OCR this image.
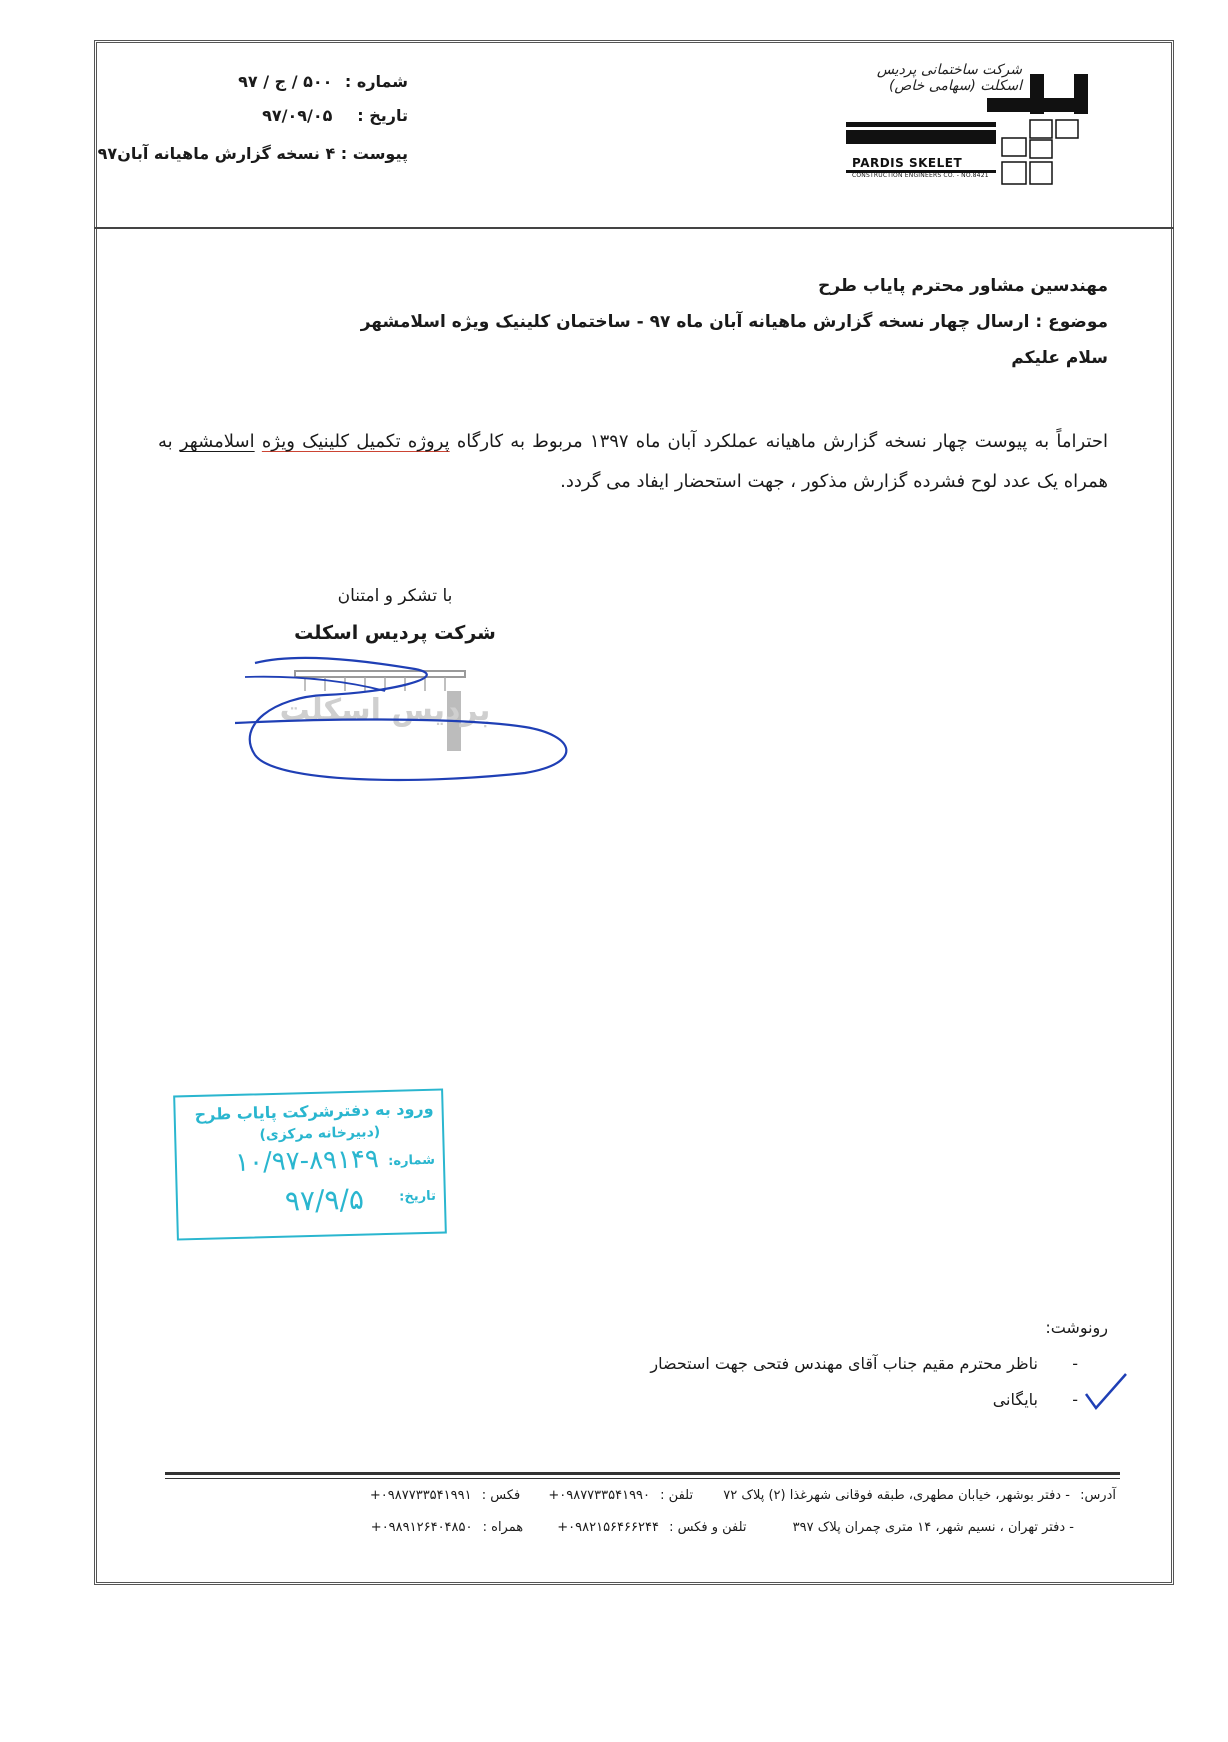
شرکت ساختمانی پردیس اسکلت (سهامی خاص)
PARDIS SKELET
CONSTRUCTION ENGINEERS CO. - NO.8421
شماره : ۵۰۰ / ج / ۹۷
تاریخ : ۹۷/۰۹/۰۵
پیوست : ۴ نسخه گزارش ماهیانه آبان۹۷
مهندسین مشاور محترم پایاب طرح
موضوع : ارسال چهار نسخه گزارش ماهیانه آبان ماه ۹۷ - ساختمان کلینیک ویژه اسلامشهر
سلام علیکم
احتراماً به پیوست چهار نسخه گزارش ماهیانه عملکرد آبان ماه ۱۳۹۷ مربوط به کارگاه پروژه تکمیل کلینیک ویژه اسلامشهر به همراه یک عدد لوح فشرده گزارش مذکور ، جهت استحضار ایفاد می گردد.
با تشکر و امتنان
شرکت پردیس اسکلت
پردیس اسکلت
ورود به دفترشرکت پایاب طرح
(دبیرخانه مرکزی)
شماره:
۱۰/۹۷-۸۹۱۴۹
تاریخ:
۹۷/۹/۵
رونوشت:
-
ناظر محترم مقیم جناب آقای مهندس فتحی جهت استحضار
-
بایگانی
آدرس: - دفتر بوشهر، خیابان مطهری، طبقه فوقانی شهرغذا (۲) پلاک ۷۲ تلفن : ۰۹۸۷۷۳۳۵۴۱۹۹۰+ فکس : ۰۹۸۷۷۳۳۵۴۱۹۹۱+
- دفتر تهران ، نسیم شهر، ۱۴ متری چمران پلاک ۳۹۷ تلفن و فکس : ۰۹۸۲۱۵۶۴۶۶۲۴۴+ همراه : ۰۹۸۹۱۲۶۴۰۴۸۵۰+
